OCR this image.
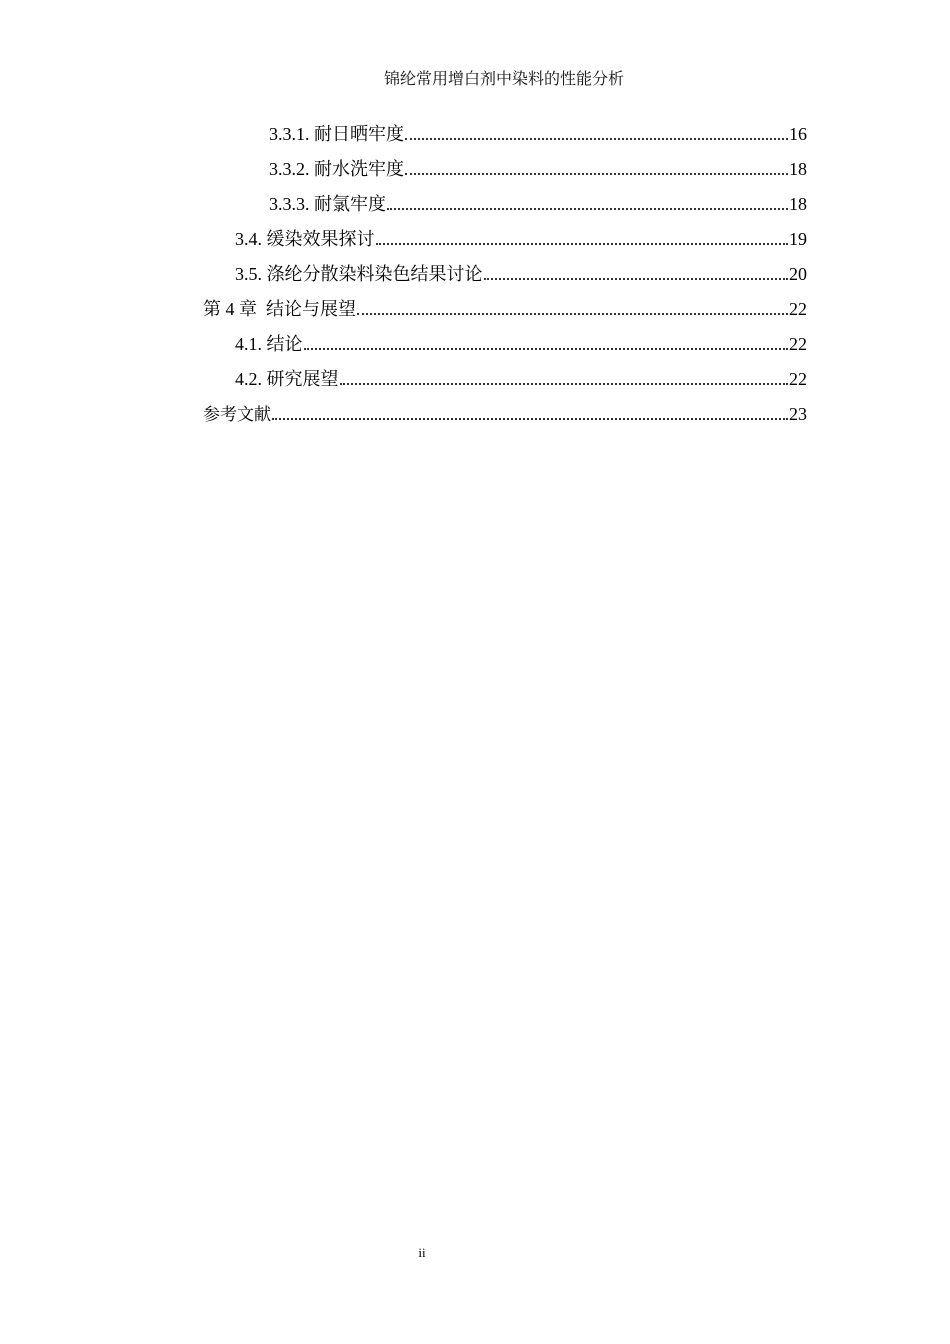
锦纶常用增白剂中染料的性能分析
3.3.1. 耐日晒牢度	16
3.3.2. 耐水洗牢度	18
3.3.3. 耐氯牢度	18
3.4. 缓染效果探讨	19
3.5. 涤纶分散染料染色结果讨论	20
第 4 章  结论与展望	22
4.1. 结论	22
4.2. 研究展望	22
参考文献	23
ii
